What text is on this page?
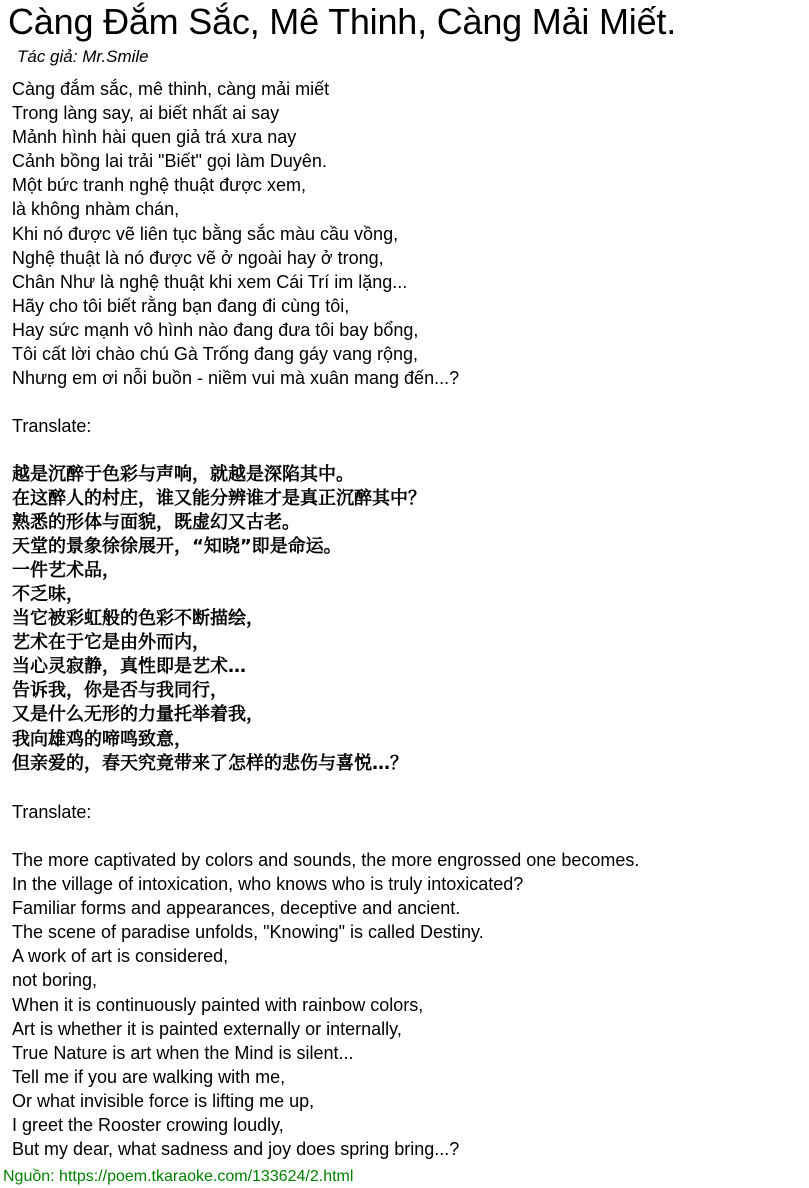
Càng Đắm Sắc, Mê Thinh, Càng Mải Miết.
Tác giả: Mr.Smile
Càng đắm sắc, mê thinh, càng mải miết
Trong làng say, ai biết nhất ai say
Mảnh hình hài quen giả trá xưa nay
Cảnh bồng lai trải "Biết" gọi làm Duyên.
Một bức tranh nghệ thuật được xem,
là không nhàm chán,
Khi nó được vẽ liên tục bằng sắc màu cầu vồng,
Nghệ thuật là nó được vẽ ở ngoài hay ở trong,
Chân Như là nghệ thuật khi xem Cái Trí im lặng...
Hãy cho tôi biết rằng bạn đang đi cùng tôi,
Hay sức mạnh vô hình nào đang đưa tôi bay bổng,
Tôi cất lời chào chú Gà Trống đang gáy vang rộng,
Nhưng em ơi nỗi buồn - niềm vui mà xuân mang đến...?
Translate:
越是沉醉于色彩与声响，就越是深陷其中。
在这醉人的村庄，谁又能分辨谁才是真正沉醉其中？
熟悉的形体与面貌，既虚幻又古老。
天堂的景象徐徐展开，“知晓”即是命运。
一件艺术品，
不乏味，
当它被彩虹般的色彩不断描绘，
艺术在于它是由外而内，
当心灵寂静，真性即是艺术…
告诉我，你是否与我同行，
又是什么无形的力量托举着我，
我向雄鸡的啼鸣致意，
但亲爱的，春天究竟带来了怎样的悲伤与喜悦…？
Translate:
The more captivated by colors and sounds, the more engrossed one becomes.
In the village of intoxication, who knows who is truly intoxicated?
Familiar forms and appearances, deceptive and ancient.
The scene of paradise unfolds, "Knowing" is called Destiny.
A work of art is considered,
not boring,
When it is continuously painted with rainbow colors,
Art is whether it is painted externally or internally,
True Nature is art when the Mind is silent...
Tell me if you are walking with me,
Or what invisible force is lifting me up,
I greet the Rooster crowing loudly,
But my dear, what sadness and joy does spring bring...?
Nguồn: https://poem.tkaraoke.com/133624/2.html
